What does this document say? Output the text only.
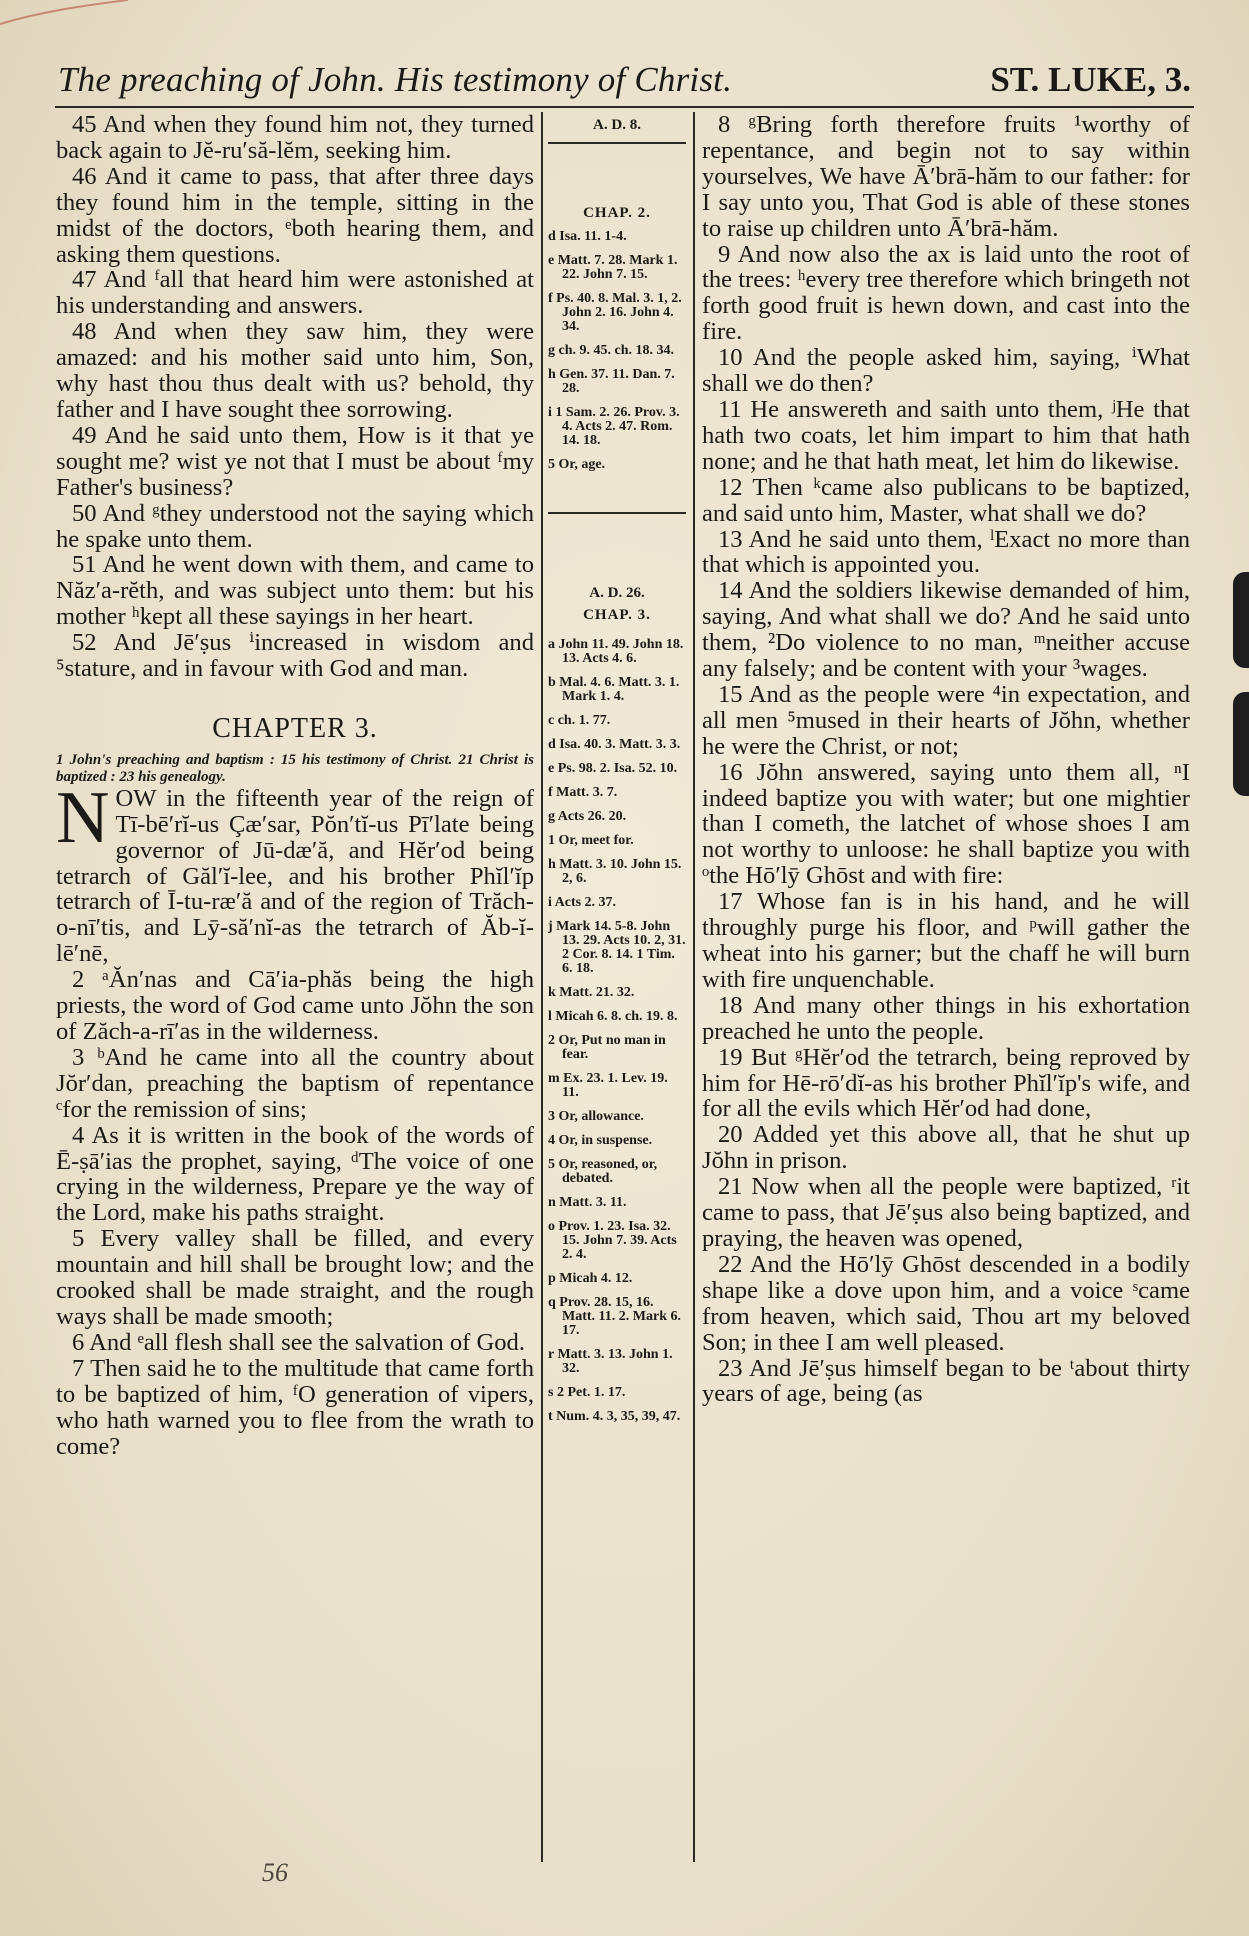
The preaching of John. His testimony of Christ.	ST. LUKE, 3.

45 And when they found him not, they turned back again to Jĕ-ru′să-lĕm, seeking him.

46 And it came to pass, that after three days they found him in the temple, sitting in the midst of the doctors, ᵉboth hearing them, and asking them questions.

47 And ᶠall that heard him were astonished at his understanding and answers.

48 And when they saw him, they were amazed: and his mother said unto him, Son, why hast thou thus dealt with us? behold, thy father and I have sought thee sorrowing.

49 And he said unto them, How is it that ye sought me? wist ye not that I must be about ᶠmy Father's business?

50 And ᵍthey understood not the saying which he spake unto them.

51 And he went down with them, and came to Năz′a-rĕth, and was subject unto them: but his mother ʰkept all these sayings in her heart.

52 And Jē′ṣus ⁱincreased in wisdom and ⁵stature, and in favour with God and man.

CHAPTER 3.

1 John's preaching and baptism : 15 his testimony of Christ. 21 Christ is baptized : 23 his genealogy.

NOW in the fifteenth year of the reign of Tī-bē′rĭ-us Çæ′sar, Pŏn′tĭ-us Pī′late being governor of Jū-dæ′ă, and Hĕr′od being tetrarch of Găl′ĭ-lee, and his brother Phĭl′ĭp tetrarch of Ī-tu-ræ′ă and of the region of Trăch-o-nī′tis, and Lȳ-să′nĭ-as the tetrarch of Ăb-ĭ-lē′nē,

2 ᵃĂn′nas and Cā′ia-phăs being the high priests, the word of God came unto Jŏhn the son of Zăch-a-rī′as in the wilderness.

3 ᵇAnd he came into all the country about Jŏr′dan, preaching the baptism of repentance ᶜfor the remission of sins;

4 As it is written in the book of the words of Ē-ṣā′ias the prophet, saying, ᵈThe voice of one crying in the wilderness, Prepare ye the way of the Lord, make his paths straight.

5 Every valley shall be filled, and every mountain and hill shall be brought low; and the crooked shall be made straight, and the rough ways shall be made smooth;

6 And ᵉall flesh shall see the salvation of God.

7 Then said he to the multitude that came forth to be baptized of him, ᶠO generation of vipers, who hath warned you to flee from the wrath to come?

A. D. 8.
CHAP. 2.

d Isa. 11. 1-4.

e Matt. 7. 28. Mark 1. 22. John 7. 15.

f Ps. 40. 8. Mal. 3. 1, 2. John 2. 16. John 4. 34.

g ch. 9. 45. ch. 18. 34.

h Gen. 37. 11. Dan. 7. 28.

i 1 Sam. 2. 26. Prov. 3. 4. Acts 2. 47. Rom. 14. 18.

5 Or, age.

A. D. 26.
CHAP. 3.

a John 11. 49. John 18. 13. Acts 4. 6.

b Mal. 4. 6. Matt. 3. 1. Mark 1. 4.

c ch. 1. 77.

d Isa. 40. 3. Matt. 3. 3.

e Ps. 98. 2. Isa. 52. 10.

f Matt. 3. 7.

g Acts 26. 20.

1 Or, meet for.

h Matt. 3. 10. John 15. 2, 6.

i Acts 2. 37.

j Mark 14. 5-8. John 13. 29. Acts 10. 2, 31. 2 Cor. 8. 14. 1 Tim. 6. 18.

k Matt. 21. 32.

l Micah 6. 8. ch. 19. 8.

2 Or, Put no man in fear.

m Ex. 23. 1. Lev. 19. 11.

3 Or, allowance.

4 Or, in suspense.

5 Or, reasoned, or, debated.

n Matt. 3. 11.

o Prov. 1. 23. Isa. 32. 15. John 7. 39. Acts 2. 4.

p Micah 4. 12.

q Prov. 28. 15, 16. Matt. 11. 2. Mark 6. 17.

r Matt. 3. 13. John 1. 32.

s 2 Pet. 1. 17.

t Num. 4. 3, 35, 39, 47.

8 ᵍBring forth therefore fruits ¹worthy of repentance, and begin not to say within yourselves, We have Ā′brā-hăm to our father: for I say unto you, That God is able of these stones to raise up children unto Ā′brā-hăm.

9 And now also the ax is laid unto the root of the trees: ʰevery tree therefore which bringeth not forth good fruit is hewn down, and cast into the fire.

10 And the people asked him, saying, ⁱWhat shall we do then?

11 He answereth and saith unto them, ʲHe that hath two coats, let him impart to him that hath none; and he that hath meat, let him do likewise.

12 Then ᵏcame also publicans to be baptized, and said unto him, Master, what shall we do?

13 And he said unto them, ˡExact no more than that which is appointed you.

14 And the soldiers likewise demanded of him, saying, And what shall we do? And he said unto them, ²Do violence to no man, ᵐneither accuse any falsely; and be content with your ³wages.

15 And as the people were ⁴in expectation, and all men ⁵mused in their hearts of Jŏhn, whether he were the Christ, or not;

16 Jŏhn answered, saying unto them all, ⁿI indeed baptize you with water; but one mightier than I cometh, the latchet of whose shoes I am not worthy to unloose: he shall baptize you with ᵒthe Hō′lȳ Ghōst and with fire:

17 Whose fan is in his hand, and he will throughly purge his floor, and ᵖwill gather the wheat into his garner; but the chaff he will burn with fire unquenchable.

18 And many other things in his exhortation preached he unto the people.

19 But ᵍHĕr′od the tetrarch, being reproved by him for Hē-rō′dĭ-as his brother Phĭl′ĭp's wife, and for all the evils which Hĕr′od had done,

20 Added yet this above all, that he shut up Jŏhn in prison.

21 Now when all the people were baptized, ʳit came to pass, that Jē′ṣus also being baptized, and praying, the heaven was opened,

22 And the Hō′lȳ Ghōst descended in a bodily shape like a dove upon him, and a voice ˢcame from heaven, which said, Thou art my beloved Son; in thee I am well pleased.

23 And Jē′ṣus himself began to be ᵗabout thirty years of age, being (as

56
